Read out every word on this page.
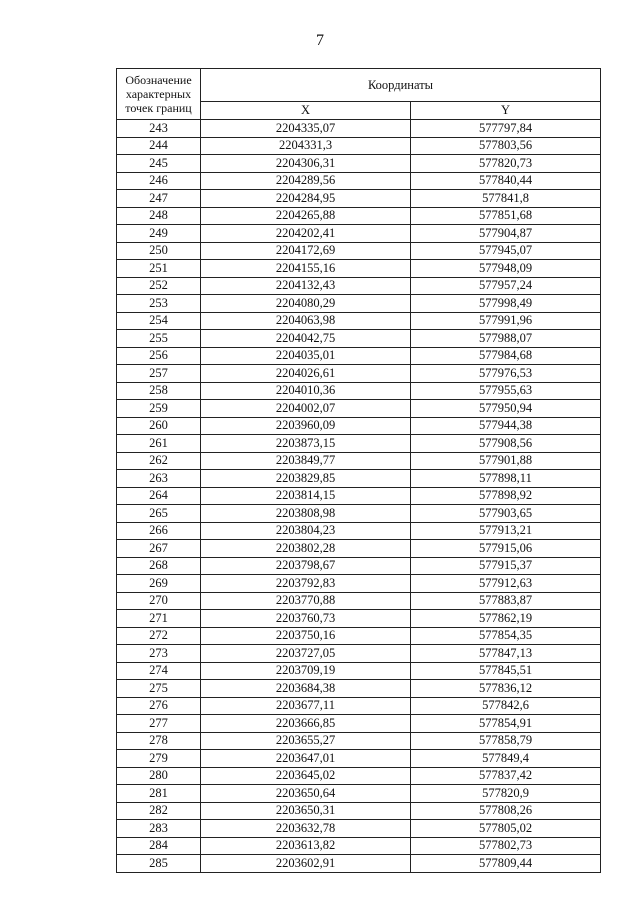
7
Обозначение характерных точек границ	Координаты	
	X	Y
243	2204335,07	577797,84
244	2204331,3	577803,56
245	2204306,31	577820,73
246	2204289,56	577840,44
247	2204284,95	577841,8
248	2204265,88	577851,68
249	2204202,41	577904,87
250	2204172,69	577945,07
251	2204155,16	577948,09
252	2204132,43	577957,24
253	2204080,29	577998,49
254	2204063,98	577991,96
255	2204042,75	577988,07
256	2204035,01	577984,68
257	2204026,61	577976,53
258	2204010,36	577955,63
259	2204002,07	577950,94
260	2203960,09	577944,38
261	2203873,15	577908,56
262	2203849,77	577901,88
263	2203829,85	577898,11
264	2203814,15	577898,92
265	2203808,98	577903,65
266	2203804,23	577913,21
267	2203802,28	577915,06
268	2203798,67	577915,37
269	2203792,83	577912,63
270	2203770,88	577883,87
271	2203760,73	577862,19
272	2203750,16	577854,35
273	2203727,05	577847,13
274	2203709,19	577845,51
275	2203684,38	577836,12
276	2203677,11	577842,6
277	2203666,85	577854,91
278	2203655,27	577858,79
279	2203647,01	577849,4
280	2203645,02	577837,42
281	2203650,64	577820,9
282	2203650,31	577808,26
283	2203632,78	577805,02
284	2203613,82	577802,73
285	2203602,91	577809,44
